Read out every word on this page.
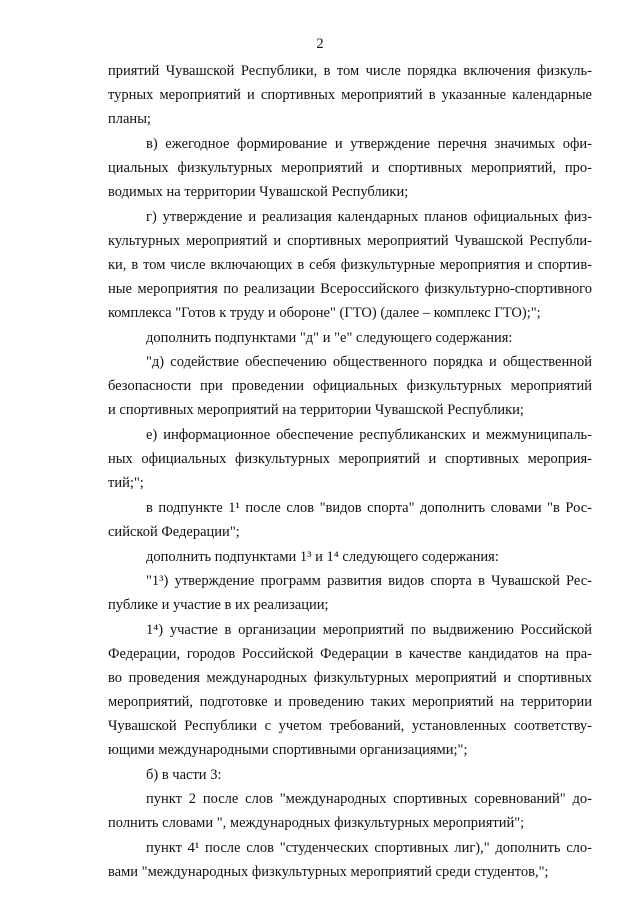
2
приятий Чувашской Республики, в том числе порядка включения физкуль-
турных мероприятий и спортивных мероприятий в указанные календарные
планы;
в) ежегодное формирование и утверждение перечня значимых офи-
циальных физкультурных мероприятий и спортивных мероприятий, про-
водимых на территории Чувашской Республики;
г) утверждение и реализация календарных планов официальных физ-
культурных мероприятий и спортивных мероприятий Чувашской Республи-
ки, в том числе включающих в себя физкультурные мероприятия и спортив-
ные мероприятия по реализации Всероссийского физкультурно-спортивного
комплекса "Готов к труду и обороне" (ГТО) (далее – комплекс ГТО);";
дополнить подпунктами "д" и "е" следующего содержания:
"д) содействие обеспечению общественного порядка и общественной
безопасности при проведении официальных физкультурных мероприятий
и спортивных мероприятий на территории Чувашской Республики;
е) информационное обеспечение республиканских и межмуниципаль-
ных официальных физкультурных мероприятий и спортивных мероприя-
тий;";
в подпункте 1¹ после слов "видов спорта" дополнить словами "в Рос-
сийской Федерации";
дополнить подпунктами 1³ и 1⁴ следующего содержания:
"1³) утверждение программ развития видов спорта в Чувашской Рес-
публике и участие в их реализации;
1⁴) участие в организации мероприятий по выдвижению Российской
Федерации, городов Российской Федерации в качестве кандидатов на пра-
во проведения международных физкультурных мероприятий и спортивных
мероприятий, подготовке и проведению таких мероприятий на территории
Чувашской Республики с учетом требований, установленных соответству-
ющими международными спортивными организациями;";
б) в части 3:
пункт 2 после слов "международных спортивных соревнований" до-
полнить словами ", международных физкультурных мероприятий";
пункт 4¹ после слов "студенческих спортивных лиг)," дополнить сло-
вами "международных физкультурных мероприятий среди студентов,";
